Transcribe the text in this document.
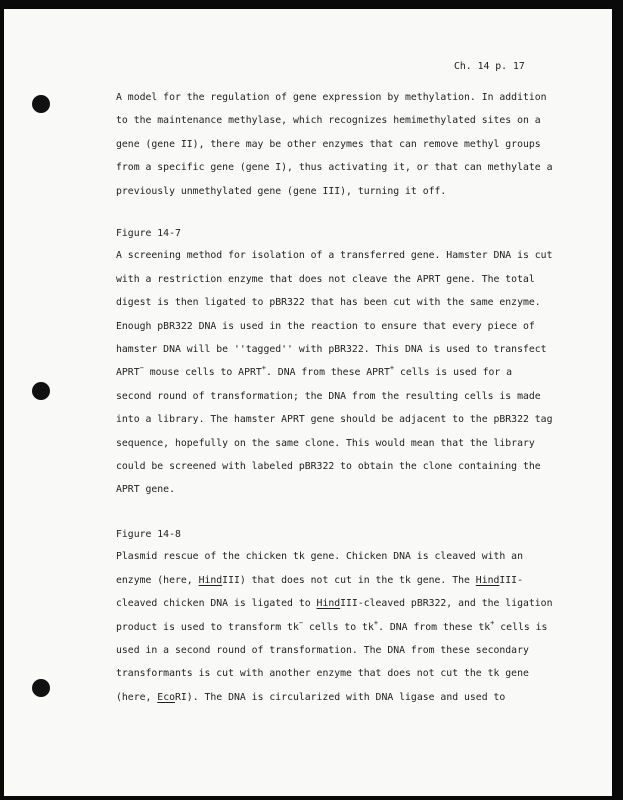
Ch. 14 p. 17
A model for the regulation of gene expression by methylation. In addition
to the maintenance methylase, which recognizes hemimethylated sites on a
gene (gene II), there may be other enzymes that can remove methyl groups
from a specific gene (gene I), thus activating it, or that can methylate a
previously unmethylated gene (gene III), turning it off.
Figure 14-7
A screening method for isolation of a transferred gene. Hamster DNA is cut
with a restriction enzyme that does not cleave the APRT gene. The total
digest is then ligated to pBR322 that has been cut with the same enzyme.
Enough pBR322 DNA is used in the reaction to ensure that every piece of
hamster DNA will be ''tagged'' with pBR322. This DNA is used to transfect
APRT− mouse cells to APRT+. DNA from these APRT+ cells is used for a
second round of transformation; the DNA from the resulting cells is made
into a library. The hamster APRT gene should be adjacent to the pBR322 tag
sequence, hopefully on the same clone. This would mean that the library
could be screened with labeled pBR322 to obtain the clone containing the
APRT gene.
Figure 14-8
Plasmid rescue of the chicken tk gene. Chicken DNA is cleaved with an
enzyme (here, HindIII) that does not cut in the tk gene. The HindIII-
cleaved chicken DNA is ligated to HindIII-cleaved pBR322, and the ligation
product is used to transform tk− cells to tk+. DNA from these tk+ cells is
used in a second round of transformation. The DNA from these secondary
transformants is cut with another enzyme that does not cut the tk gene
(here, EcoRI). The DNA is circularized with DNA ligase and used to
